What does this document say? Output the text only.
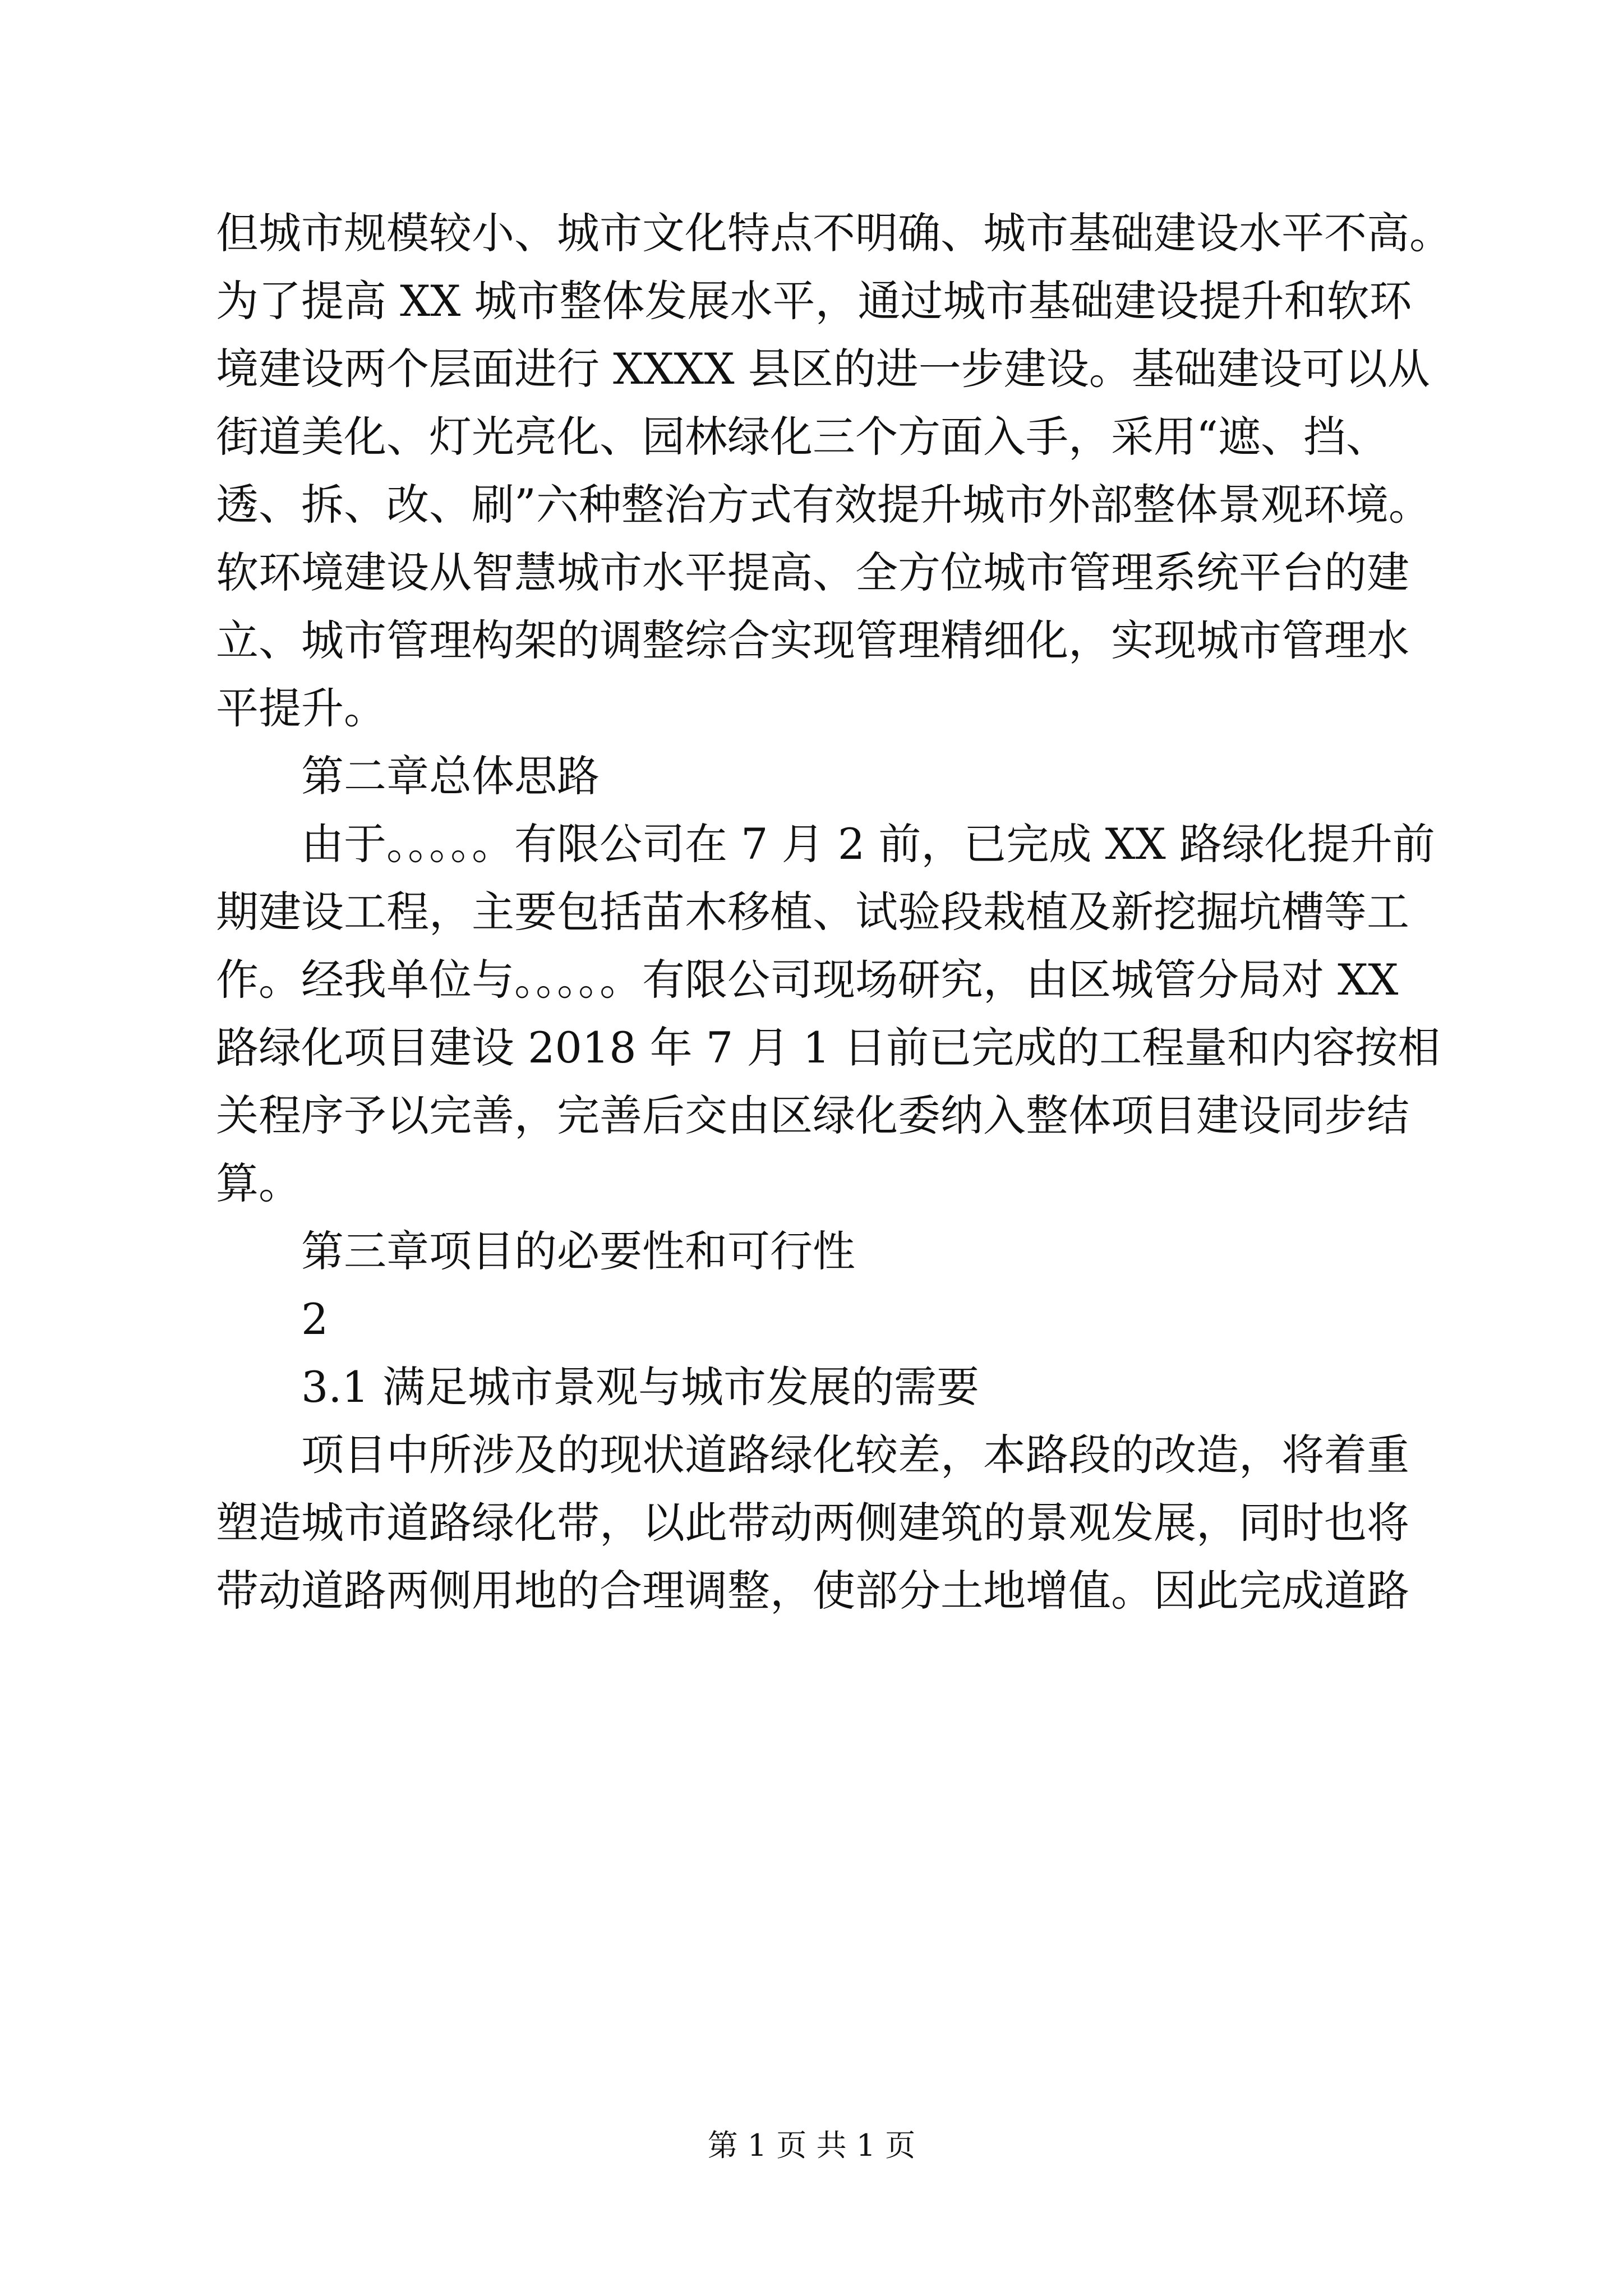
但城市规模较小、城市文化特点不明确、城市基础建设水平不高。
为了提高 XX 城市整体发展水平，通过城市基础建设提升和软环
境建设两个层面进行 XXXX 县区的进一步建设。基础建设可以从
街道美化、灯光亮化、园林绿化三个方面入手，采用“遮、挡、
透、拆、改、刷”六种整治方式有效提升城市外部整体景观环境。
软环境建设从智慧城市水平提高、全方位城市管理系统平台的建
立、城市管理构架的调整综合实现管理精细化，实现城市管理水
平提升。
第二章总体思路
由于。。。。。有限公司在 7 月 2 前，已完成 XX 路绿化提升前
期建设工程，主要包括苗木移植、试验段栽植及新挖掘坑槽等工
作。经我单位与。。。。。有限公司现场研究，由区城管分局对 XX
路绿化项目建设 2018 年 7 月 1 日前已完成的工程量和内容按相
关程序予以完善，完善后交由区绿化委纳入整体项目建设同步结
算。
第三章项目的必要性和可行性
2
3.1 满足城市景观与城市发展的需要
项目中所涉及的现状道路绿化较差，本路段的改造，将着重
塑造城市道路绿化带，以此带动两侧建筑的景观发展，同时也将
带动道路两侧用地的合理调整，使部分土地增值。因此完成道路
第 1 页 共 1 页
